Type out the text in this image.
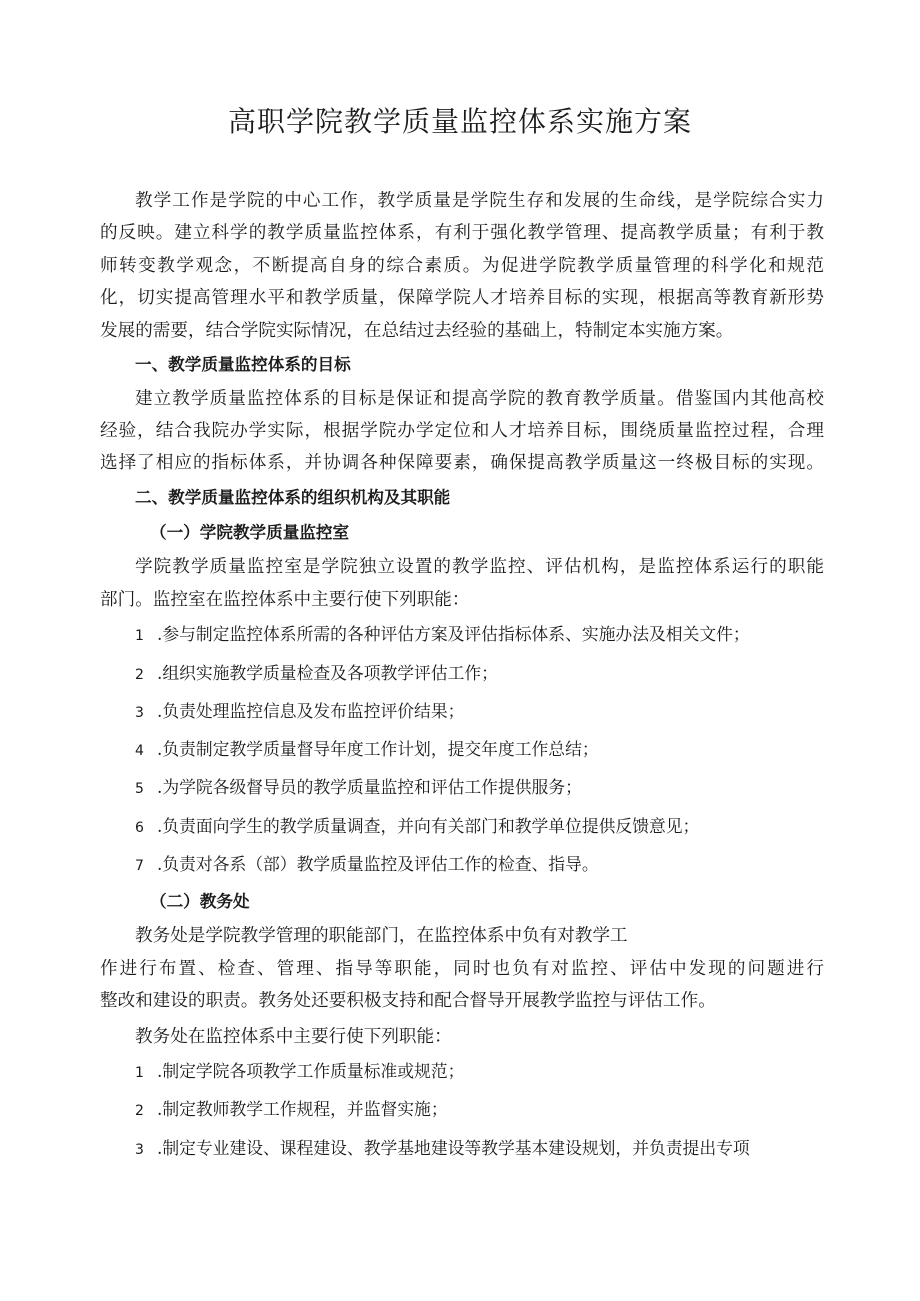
高职学院教学质量监控体系实施方案

教学工作是学院的中心工作，教学质量是学院生存和发展的生命线，是学院综合实力

的反映。建立科学的教学质量监控体系，有利于强化教学管理、提高教学质量；有利于教

师转变教学观念，不断提高自身的综合素质。为促进学院教学质量管理的科学化和规范

化，切实提高管理水平和教学质量，保障学院人才培养目标的实现，根据高等教育新形势

发展的需要，结合学院实际情况，在总结过去经验的基础上，特制定本实施方案。

一、教学质量监控体系的目标

建立教学质量监控体系的目标是保证和提高学院的教育教学质量。借鉴国内其他高校

经验，结合我院办学实际，根据学院办学定位和人才培养目标，围绕质量监控过程，合理

选择了相应的指标体系，并协调各种保障要素，确保提高教学质量这一终极目标的实现。

二、教学质量监控体系的组织机构及其职能

（一）学院教学质量监控室

学院教学质量监控室是学院独立设置的教学监控、评估机构，是监控体系运行的职能

部门。监控室在监控体系中主要行使下列职能：

1 .参与制定监控体系所需的各种评估方案及评估指标体系、实施办法及相关文件；

2 .组织实施教学质量检查及各项教学评估工作；

3 .负责处理监控信息及发布监控评价结果；

4 .负责制定教学质量督导年度工作计划，提交年度工作总结；

5 .为学院各级督导员的教学质量监控和评估工作提供服务；

6 .负责面向学生的教学质量调查，并向有关部门和教学单位提供反馈意见；

7 .负责对各系（部）教学质量监控及评估工作的检查、指导。

（二）教务处

教务处是学院教学管理的职能部门，在监控体系中负有对教学工

作进行布置、检查、管理、指导等职能，同时也负有对监控、评估中发现的问题进行

整改和建设的职责。教务处还要积极支持和配合督导开展教学监控与评估工作。

教务处在监控体系中主要行使下列职能：

1 .制定学院各项教学工作质量标准或规范；

2 .制定教师教学工作规程，并监督实施；

3 .制定专业建设、课程建设、教学基地建设等教学基本建设规划，并负责提出专项
